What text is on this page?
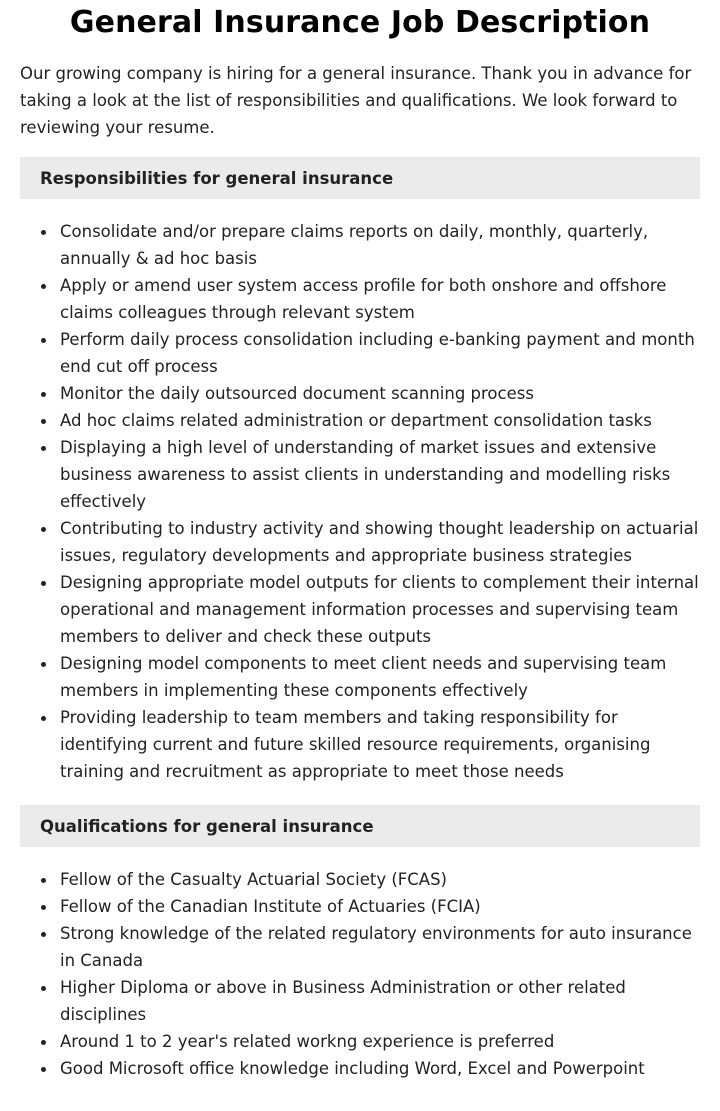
General Insurance Job Description

Our growing company is hiring for a general insurance. Thank you in advance for taking a look at the list of responsibilities and qualifications. We look forward to reviewing your resume.

Responsibilities for general insurance
Consolidate and/or prepare claims reports on daily, monthly, quarterly, annually & ad hoc basis
Apply or amend user system access profile for both onshore and offshore claims colleagues through relevant system
Perform daily process consolidation including e-banking payment and month end cut off process
Monitor the daily outsourced document scanning process
Ad hoc claims related administration or department consolidation tasks
Displaying a high level of understanding of market issues and extensive business awareness to assist clients in understanding and modelling risks effectively
Contributing to industry activity and showing thought leadership on actuarial issues, regulatory developments and appropriate business strategies
Designing appropriate model outputs for clients to complement their internal operational and management information processes and supervising team members to deliver and check these outputs
Designing model components to meet client needs and supervising team members in implementing these components effectively
Providing leadership to team members and taking responsibility for identifying current and future skilled resource requirements, organising training and recruitment as appropriate to meet those needs
Qualifications for general insurance
Fellow of the Casualty Actuarial Society (FCAS)
Fellow of the Canadian Institute of Actuaries (FCIA)
Strong knowledge of the related regulatory environments for auto insurance in Canada
Higher Diploma or above in Business Administration or other related disciplines
Around 1 to 2 year's related workng experience is preferred
Good Microsoft office knowledge including Word, Excel and Powerpoint
